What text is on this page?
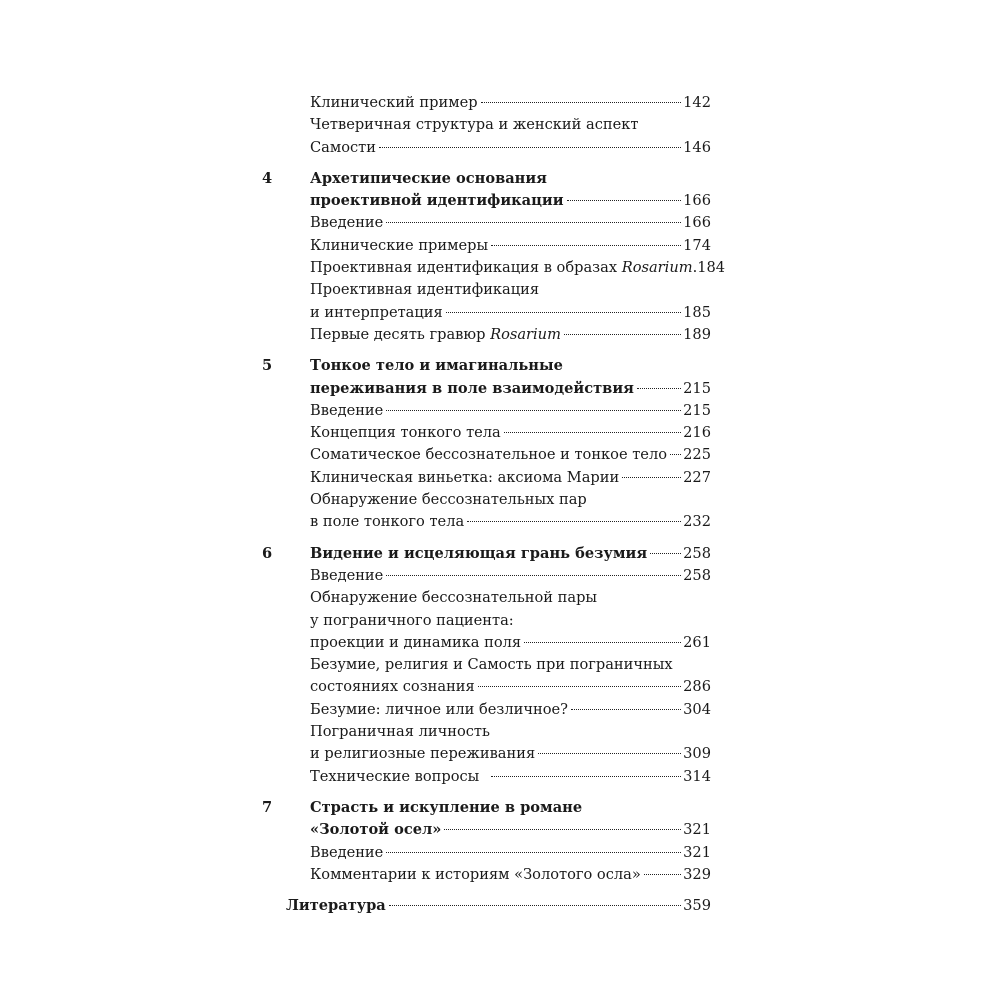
Клинический пример	142
Четверичная структура и женский аспект
Самости	146
4	Архетипические основания
проективной идентификации	166
Введение	166
Клинические примеры	174
Проективная идентификация в образах Rosarium .184
Проективная идентификация
и интерпретация	185
Первые десять гравюр Rosarium	189
5	Тонкое тело и имагинальные
переживания в поле взаимодействия	215
Введение	215
Концепция тонкого тела	216
Соматическое бессознательное и тонкое тело 225
Клиническая виньетка: аксиома Марии	227
Обнаружение бессознательных пар
в поле тонкого тела	232
6	Видение и исцеляющая грань безумия 258
Введение	258
Обнаружение бессознательной пары
у пограничного пациента:
проекции и динамика поля	261
Безумие, религия и Самость при пограничных
состояниях сознания	286
Безумие: личное или безличное?	304
Пограничная личность
и религиозные переживания	309
Технические вопросы	314
7	Страсть и искупление в романе
«Золотой осел»	321
Введение	321
Комментарии к историям «Золотого осла»	329
Литература	359
